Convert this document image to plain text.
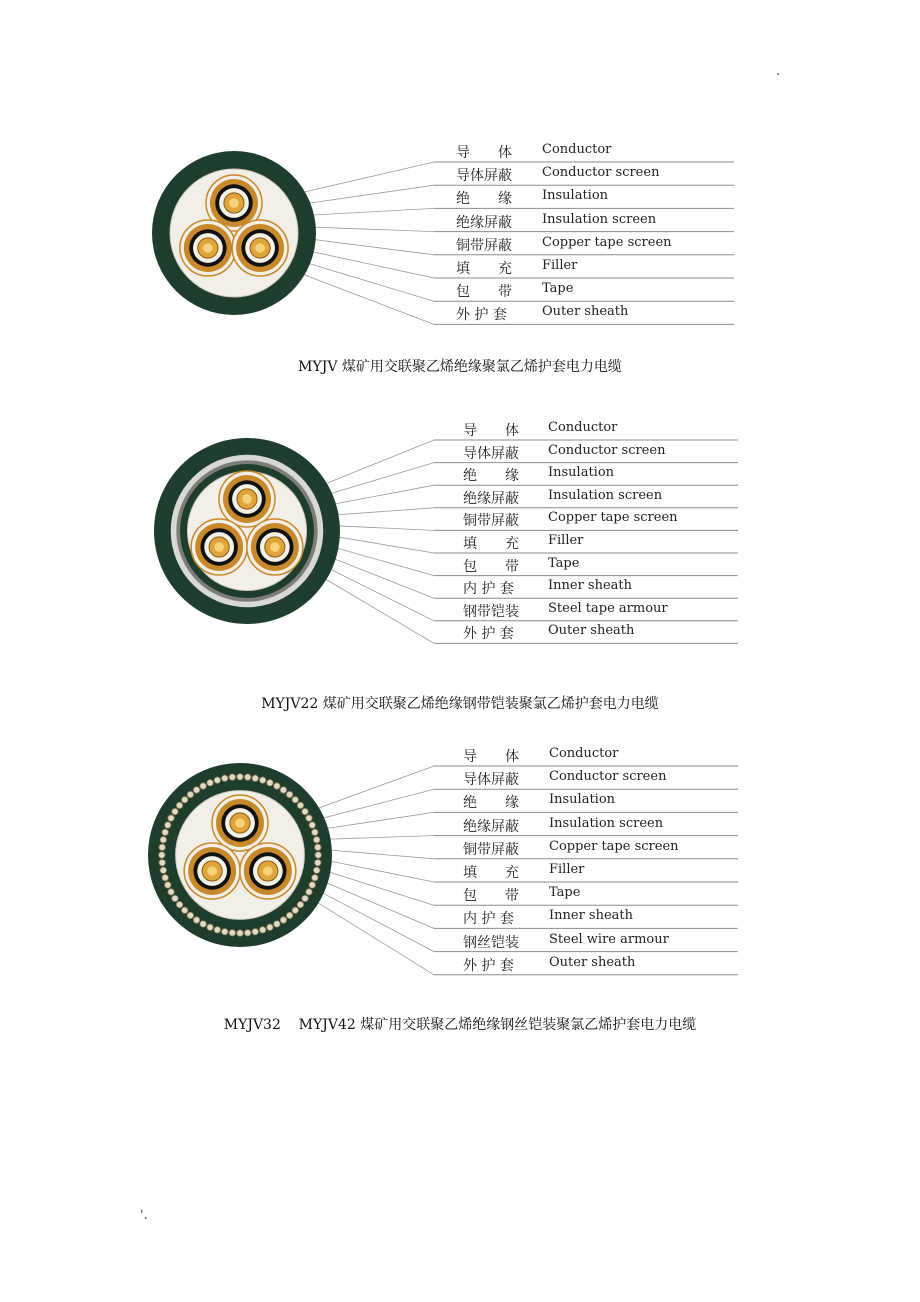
.
导　　体 Conductor
导体屏蔽 Conductor screen
绝　　缘 Insulation
绝缘屏蔽 Insulation screen
铜带屏蔽 Copper tape screen
填　　充 Filler
包　　带 Tape
外 护 套	Outer sheath
MYJV 煤矿用交联聚乙烯绝缘聚氯乙烯护套电力电缆
导　　体 Conductor
导体屏蔽 Conductor screen
绝　　缘 Insulation
绝缘屏蔽 Insulation screen
铜带屏蔽 Copper tape screen
填　　充 Filler
包　　带 Tape
内 护 套	Inner sheath
钢带铠装 Steel tape armour
外 护 套	Outer sheath
MYJV22 煤矿用交联聚乙烯绝缘钢带铠装聚氯乙烯护套电力电缆
导　　体 Conductor
导体屏蔽 Conductor screen
绝　　缘 Insulation
绝缘屏蔽 Insulation screen
铜带屏蔽 Copper tape screen
填　　充 Filler
包　　带 Tape
内 护 套	Inner sheath
钢丝铠装 Steel wire armour
外 护 套	Outer sheath
MYJV32    MYJV42 煤矿用交联聚乙烯绝缘钢丝铠装聚氯乙烯护套电力电缆
'.
